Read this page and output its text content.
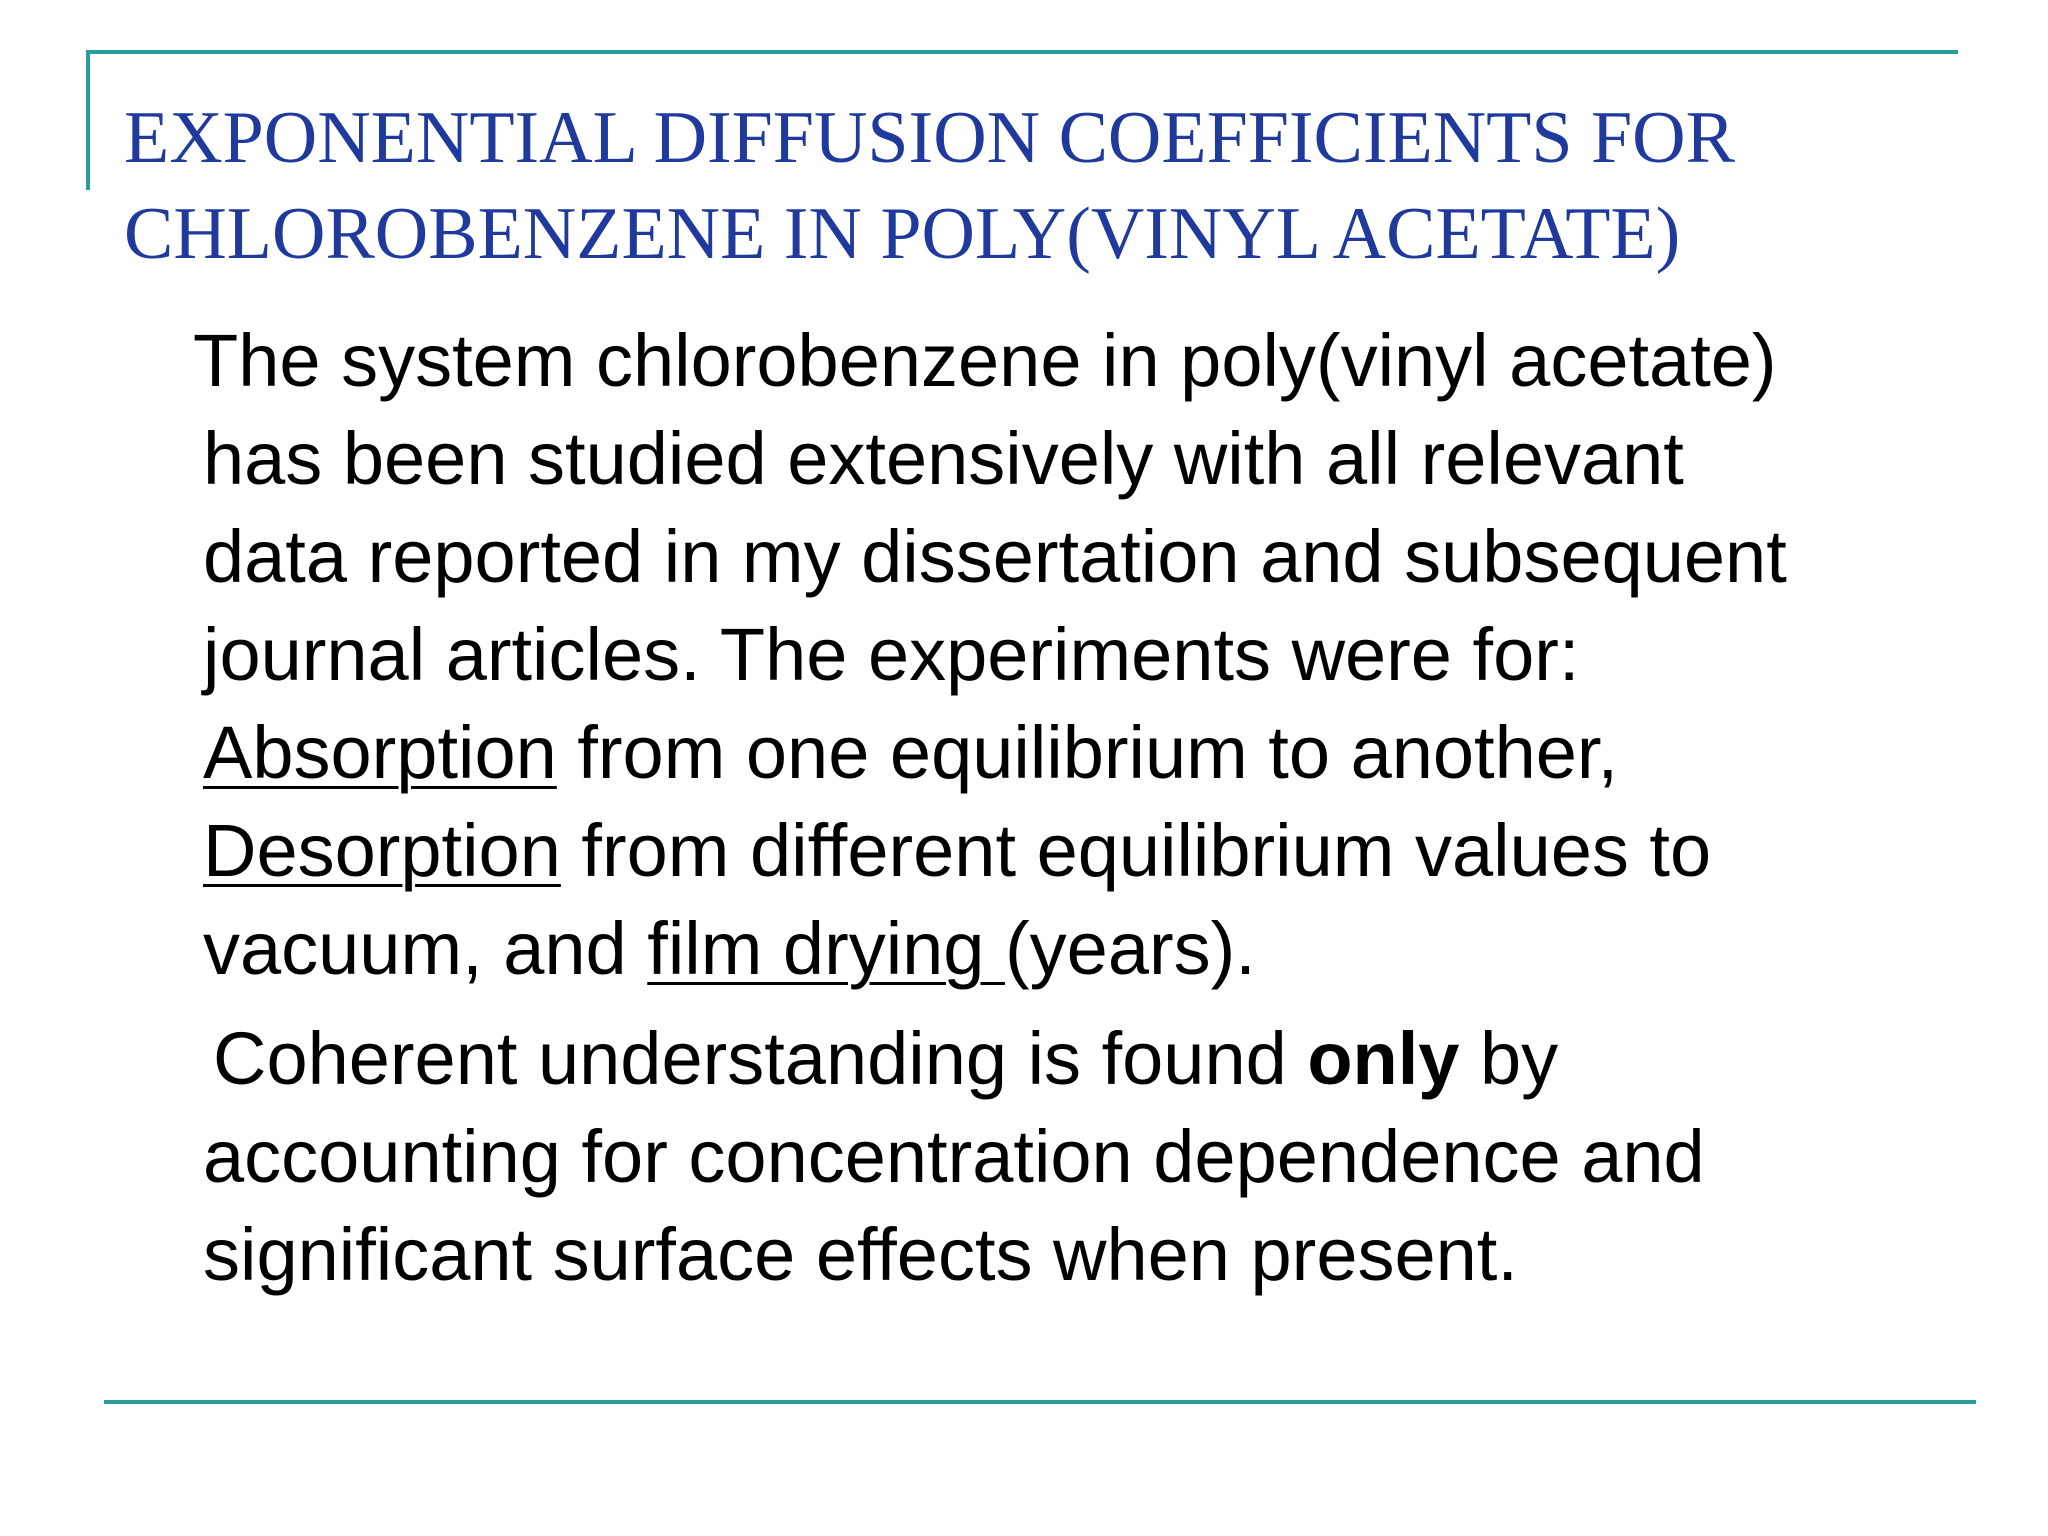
EXPONENTIAL DIFFUSION COEFFICIENTS FOR
CHLOROBENZENE IN POLY(VINYL ACETATE)
The system chlorobenzene in poly(vinyl acetate)
has been studied extensively with all relevant
data reported in my dissertation and subsequent
journal articles. The experiments were for:
Absorption from one equilibrium to another,
Desorption from different equilibrium values to
vacuum, and film drying (years).
Coherent understanding is found only by
accounting for concentration dependence and
significant surface effects when present.
